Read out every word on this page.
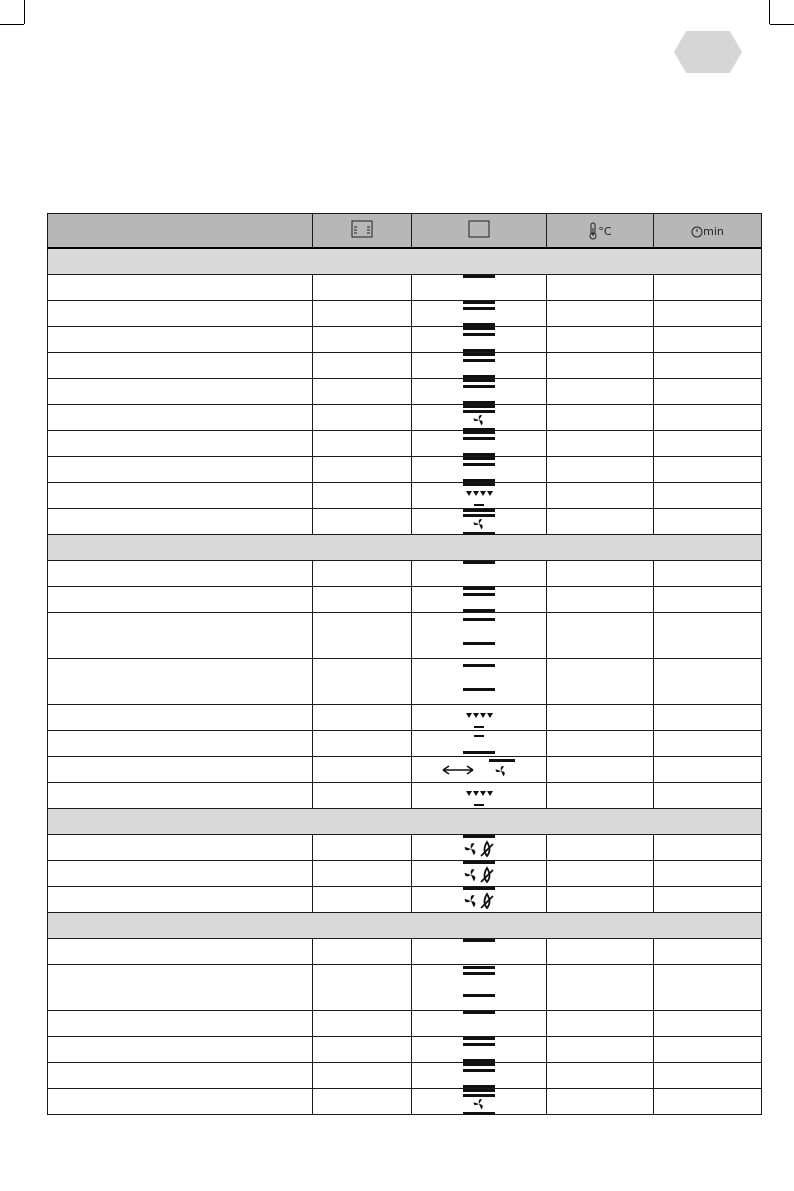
			°C	min
